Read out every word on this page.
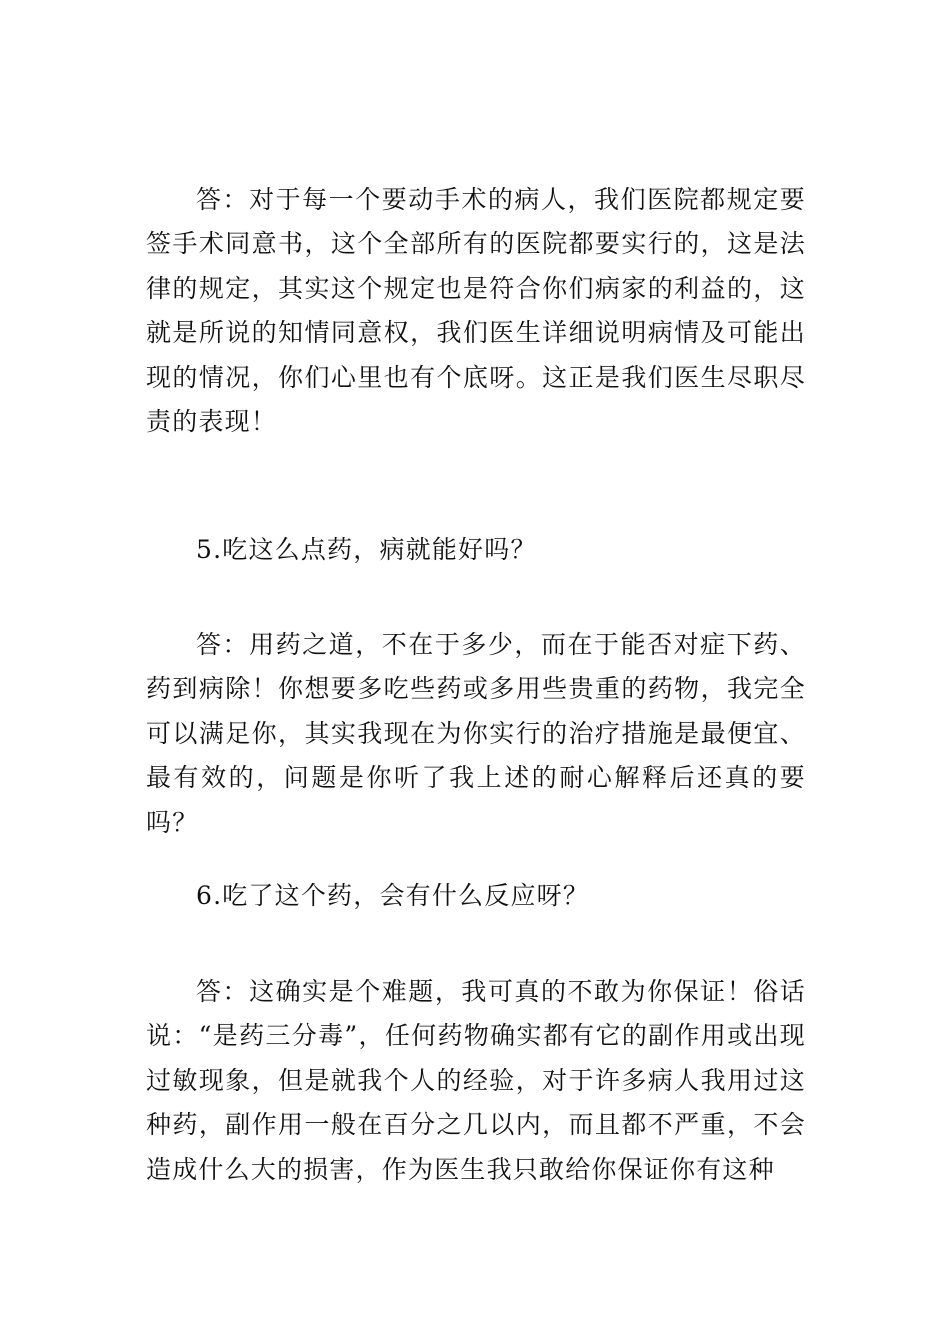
答：对于每一个要动手术的病人，我们医院都规定要签手术同意书，这个全部所有的医院都要实行的，这是法律的规定，其实这个规定也是符合你们病家的利益的，这就是所说的知情同意权，我们医生详细说明病情及可能出现的情况，你们心里也有个底呀。这正是我们医生尽职尽责的表现！

5.吃这么点药，病就能好吗？

答：用药之道，不在于多少，而在于能否对症下药、药到病除！你想要多吃些药或多用些贵重的药物，我完全可以满足你，其实我现在为你实行的治疗措施是最便宜、最有效的，问题是你听了我上述的耐心解释后还真的要吗？

6.吃了这个药，会有什么反应呀？

答：这确实是个难题，我可真的不敢为你保证！俗话说：“是药三分毒”，任何药物确实都有它的副作用或出现过敏现象，但是就我个人的经验，对于许多病人我用过这种药，副作用一般在百分之几以内，而且都不严重，不会造成什么大的损害，作为医生我只敢给你保证你有这种
